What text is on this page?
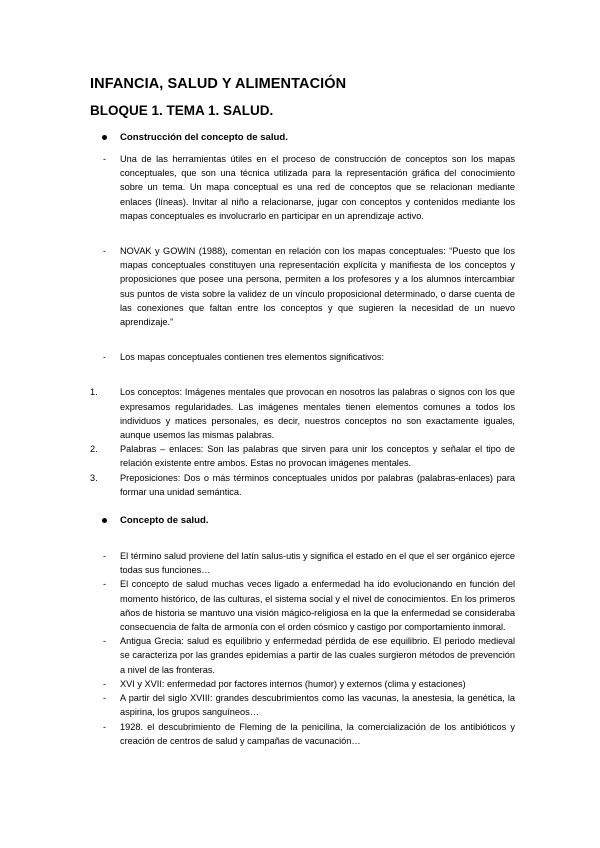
INFANCIA, SALUD Y ALIMENTACIÓN
BLOQUE 1. TEMA 1. SALUD.
Construcción del concepto de salud.
- Una de las herramientas útiles en el proceso de construcción de conceptos son los mapas conceptuales, que son una técnica utilizada para la representación gráfica del conocimiento sobre un tema. Un mapa conceptual es una red de conceptos que se relacionan mediante enlaces (líneas). Invitar al niño a relacionarse, jugar con conceptos y contenidos mediante los mapas conceptuales es involucrarlo en participar en un aprendizaje activo.
- NOVAK y GOWIN (1988), comentan en relación con los mapas conceptuales: “Puesto que los mapas conceptuales constituyen una representación explícita y manifiesta de los conceptos y proposiciones que posee una persona, permiten a los profesores y a los alumnos intercambiar sus puntos de vista sobre la validez de un vínculo proposicional determinado, o darse cuenta de las conexiones que faltan entre los conceptos y que sugieren la necesidad de un nuevo aprendizaje.”
- Los mapas conceptuales contienen tres elementos significativos:
1. Los conceptos: Imágenes mentales que provocan en nosotros las palabras o signos con los que expresamos regularidades. Las imágenes mentales tienen elementos comunes a todos los individuos y matices personales, es decir, nuestros conceptos no son exactamente iguales, aunque usemos las mismas palabras.
2. Palabras – enlaces: Son las palabras que sirven para unir los conceptos y señalar el tipo de relación existente entre ambos. Estas no provocan imágenes mentales.
3. Preposiciones: Dos o más términos conceptuales unidos por palabras (palabras-enlaces) para formar una unidad semántica.
Concepto de salud.
- El término salud proviene del latín salus-utis y significa el estado en el que el ser orgánico ejerce todas sus funciones…
- El concepto de salud muchas veces ligado a enfermedad ha ido evolucionando en función del momento histórico, de las culturas, el sistema social y el nivel de conocimientos. En los primeros años de historia se mantuvo una visión mágico-religiosa en la que la enfermedad se consideraba consecuencia de falta de armonía con el orden cósmico y castigo por comportamiento inmoral.
- Antigua Grecia: salud es equilibrio y enfermedad pérdida de ese equilibrio. El periodo medieval se caracteriza por las grandes epidemias a partir de las cuales surgieron métodos de prevención a nivel de las fronteras.
- XVI y XVII: enfermedad por factores internos (humor) y externos (clima y estaciones)
- A partir del siglo XVIII: grandes descubrimientos como las vacunas, la anestesia, la genética, la aspirina, los grupos sanguíneos…
- 1928. el descubrimiento de Fleming de la penicilina, la comercialización de los antibióticos y creación de centros de salud y campañas de vacunación…
